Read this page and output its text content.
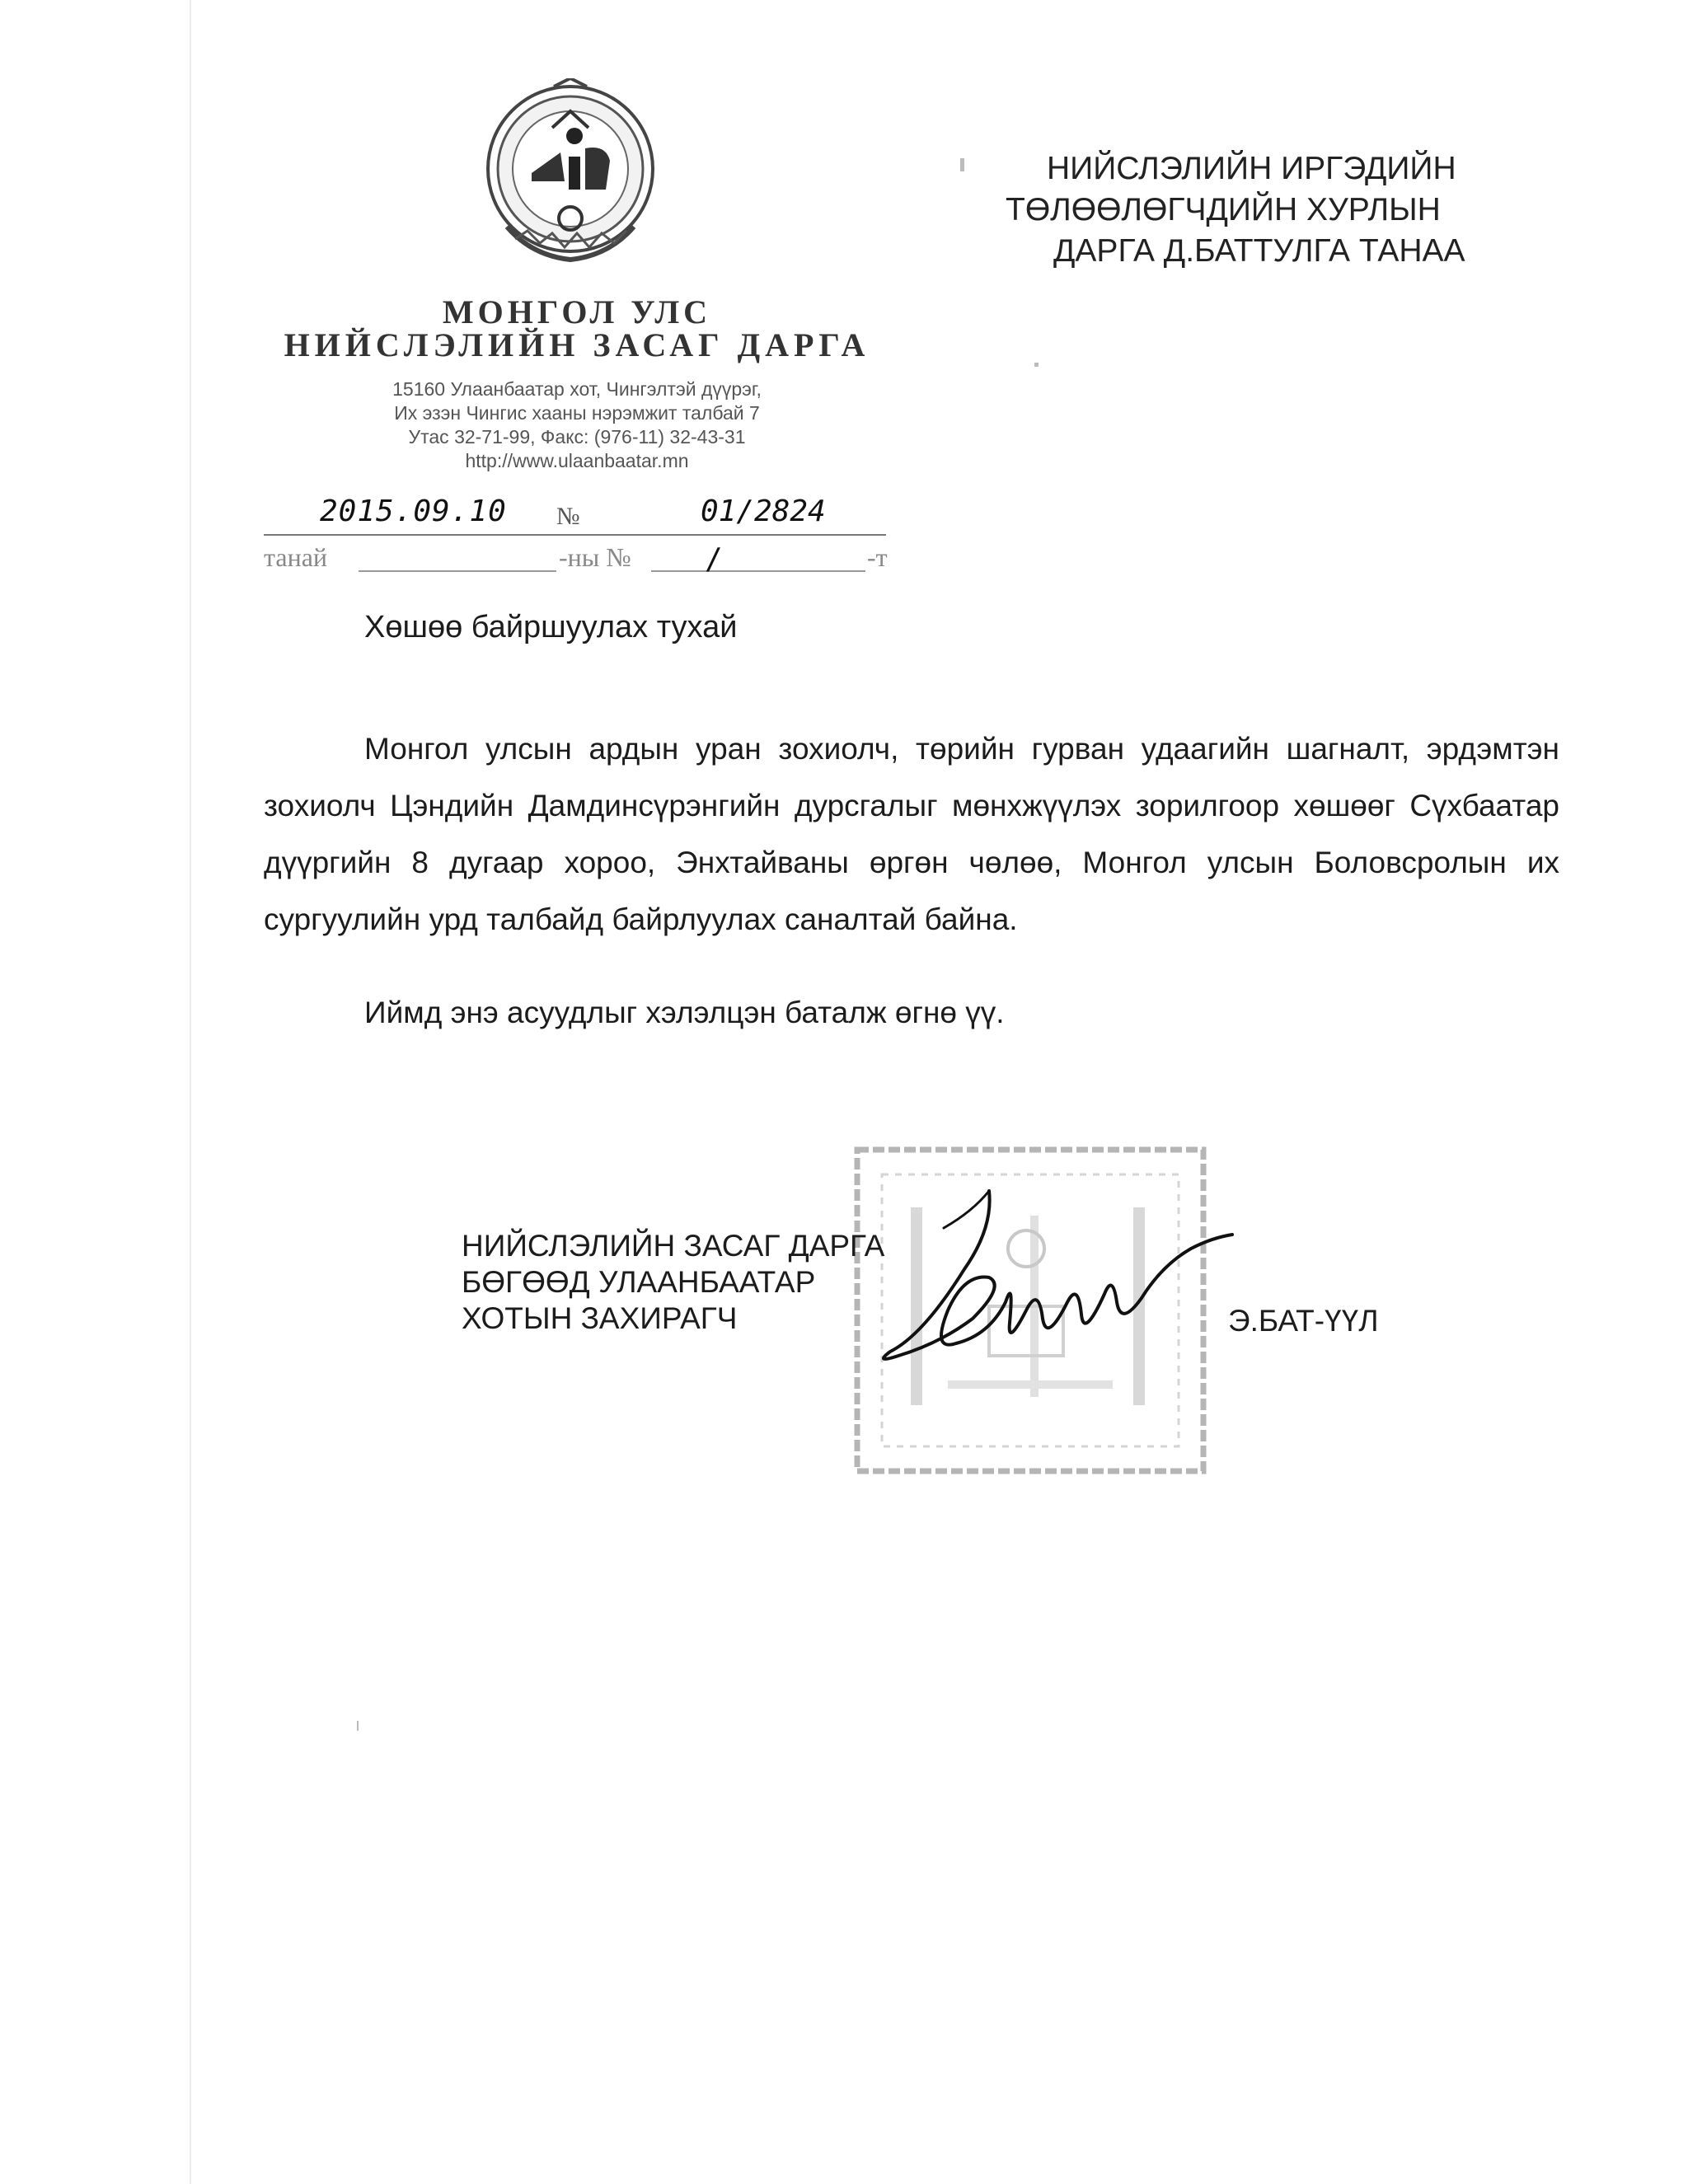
МОНГОЛ УЛС
НИЙСЛЭЛИЙН ЗАСАГ ДАРГА
15160 Улаанбаатар хот, Чингэлтэй дүүрэг,
Их эзэн Чингис хааны нэрэмжит талбай 7
Утас 32-71-99, Факс: (976-11) 32-43-31
http://www.ulaanbaatar.mn
НИЙСЛЭЛИЙН ИРГЭДИЙН
ТӨЛӨӨЛӨГЧДИЙН ХУРЛЫН
ДАРГА Д.БАТТУЛГА ТАНАА
2015.09.10 №	01/2824
танай	-ны № /	-т
Хөшөө байршуулах тухай

Монгол улсын ардын уран зохиолч, төрийн гурван удаагийн шагналт, эрдэмтэн зохиолч Цэндийн Дамдинсүрэнгийн дурсгалыг мөнхжүүлэх зорилгоор хөшөөг Сүхбаатар дүүргийн 8 дугаар хороо, Энхтайваны өргөн чөлөө, Монгол улсын Боловсролын их сургуулийн урд талбайд байрлуулах саналтай байна.

Иймд энэ асуудлыг хэлэлцэн баталж өгнө үү.

НИЙСЛЭЛИЙН ЗАСАГ ДАРГА
БӨГӨӨД УЛААНБААТАР
ХОТЫН ЗАХИРАГЧ	Э.БАТ-ҮҮЛ
